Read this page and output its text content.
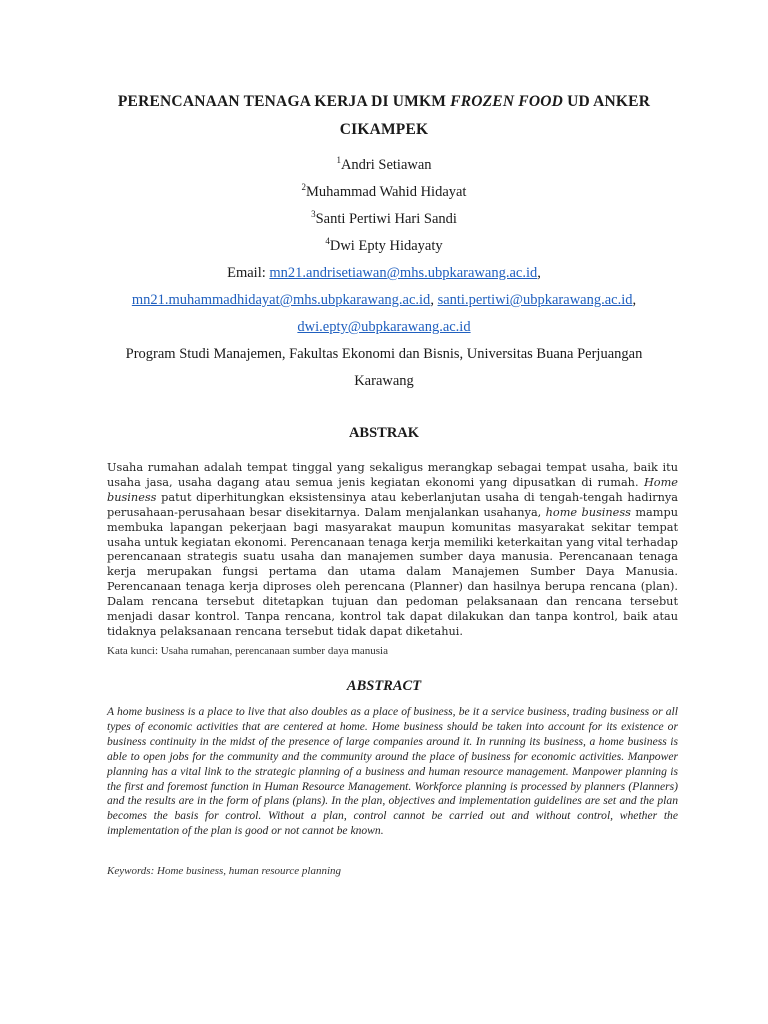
PERENCANAAN TENAGA KERJA DI UMKM FROZEN FOOD UD ANKER
CIKAMPEK
$^1$Andri Setiawan
$^2$Muhammad Wahid Hidayat
$^3$Santi Pertiwi Hari Sandi
$^4$Dwi Epty Hidayaty
Email: mn21.andrisetiawan@mhs.ubpkarawang.ac.id,
mn21.muhammadhidayat@mhs.ubpkarawang.ac.id, santi.pertiwi@ubpkarawang.ac.id,
dwi.epty@ubpkarawang.ac.id
Program Studi Manajemen, Fakultas Ekonomi dan Bisnis, Universitas Buana Perjuangan
Karawang
ABSTRAK
Usaha rumahan adalah tempat tinggal yang sekaligus merangkap sebagai tempat usaha, baik itu usaha jasa, usaha dagang atau semua jenis kegiatan ekonomi yang dipusatkan di rumah. Home business patut diperhitungkan eksistensinya atau keberlanjutan usaha di tengah-tengah hadirnya perusahaan-perusahaan besar disekitarnya. Dalam menjalankan usahanya, home business mampu membuka lapangan pekerjaan bagi masyarakat maupun komunitas masyarakat sekitar tempat usaha untuk kegiatan ekonomi. Perencanaan tenaga kerja memiliki keterkaitan yang vital terhadap perencanaan strategis suatu usaha dan manajemen sumber daya manusia. Perencanaan tenaga kerja merupakan fungsi pertama dan utama dalam Manajemen Sumber Daya Manusia. Perencanaan tenaga kerja diproses oleh perencana (Planner) dan hasilnya berupa rencana (plan). Dalam rencana tersebut ditetapkan tujuan dan pedoman pelaksanaan dan rencana tersebut menjadi dasar kontrol. Tanpa rencana, kontrol tak dapat dilakukan dan tanpa kontrol, baik atau tidaknya pelaksanaan rencana tersebut tidak dapat diketahui.
Kata kunci: Usaha rumahan, perencanaan sumber daya manusia
ABSTRACT
A home business is a place to live that also doubles as a place of business, be it a service business, trading business or all types of economic activities that are centered at home. Home business should be taken into account for its existence or business continuity in the midst of the presence of large companies around it. In running its business, a home business is able to open jobs for the community and the community around the place of business for economic activities. Manpower planning has a vital link to the strategic planning of a business and human resource management. Manpower planning is the first and foremost function in Human Resource Management. Workforce planning is processed by planners (Planners) and the results are in the form of plans (plans). In the plan, objectives and implementation guidelines are set and the plan becomes the basis for control. Without a plan, control cannot be carried out and without control, whether the implementation of the plan is good or not cannot be known.
Keywords: Home business, human resource planning
